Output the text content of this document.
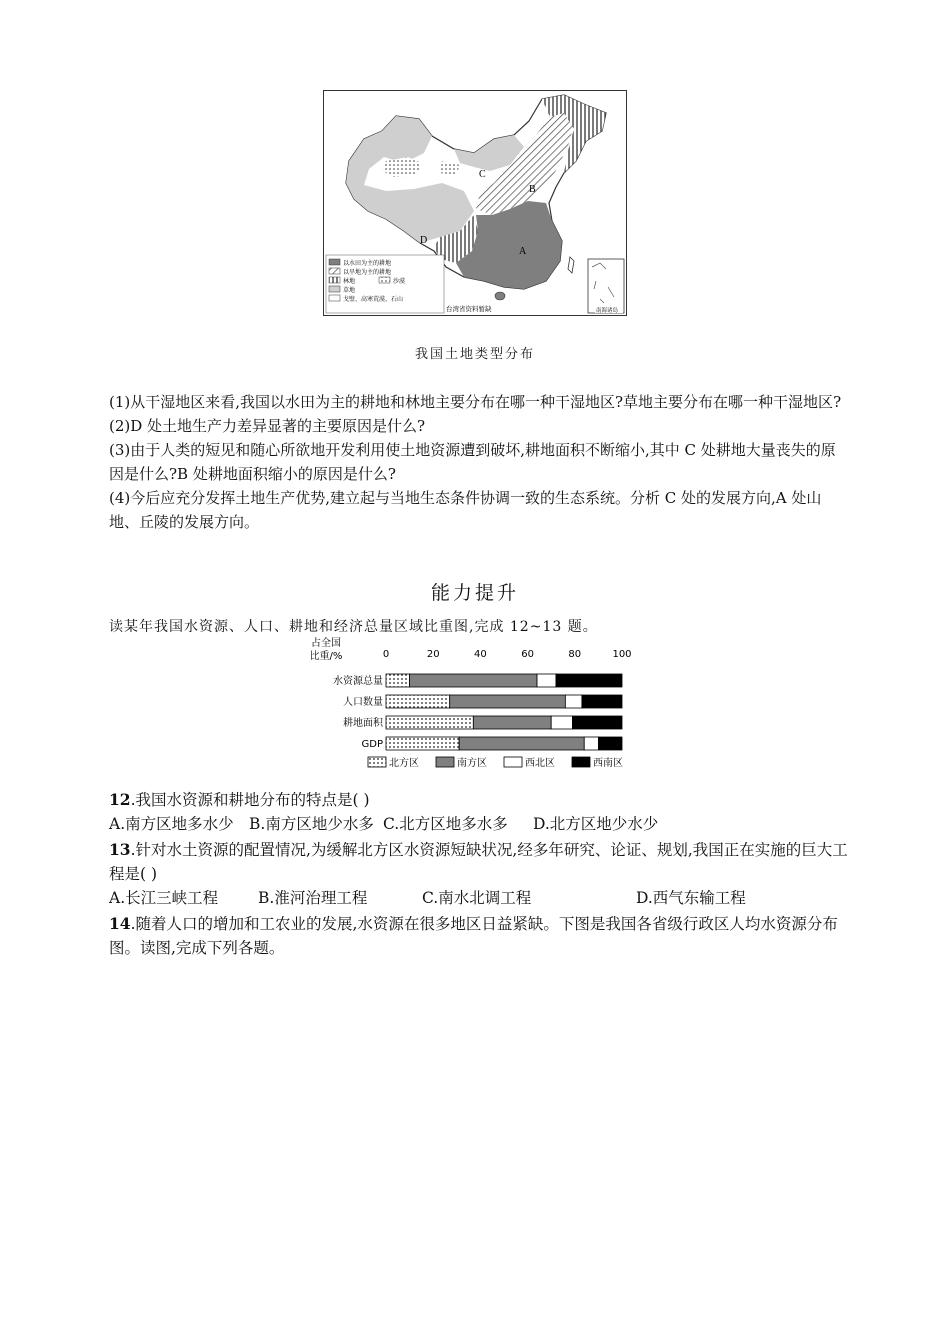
C
B
A
D
南海诸岛
以水田为主的耕地
以旱地为主的耕地
林地	沙漠
草地
戈壁、高寒荒漠、石山
台湾省资料暂缺
我国土地类型分布

(1)从干湿地区来看,我国以水田为主的耕地和林地主要分布在哪一种干湿地区?草地主要分布在哪一种干湿地区?

(2)D 处土地生产力差异显著的主要原因是什么?

(3)由于人类的短见和随心所欲地开发利用使土地资源遭到破坏,耕地面积不断缩小,其中 C 处耕地大量丧失的原因是什么?B 处耕地面积缩小的原因是什么?

(4)今后应充分发挥土地生产优势,建立起与当地生态条件协调一致的生态系统。分析 C 处的发展方向,A 处山地、丘陵的发展方向。

能力提升
读某年我国水资源、人口、耕地和经济总量区域比重图,完成 12~13 题。
占全国
比重/%	0	20	40	60	80	100
水资源总量
人口数量
耕地面积
GDP
北方区	南方区	西北区	西南区

12.我国水资源和耕地分布的特点是( )

A.南方区地多水少 B.南方区地少水多 C.北方区地多水多	D.北方区地少水少

13.针对水土资源的配置情况,为缓解北方区水资源短缺状况,经多年研究、论证、规划,我国正在实施的巨大工程是( )

A.长江三峡工程	B.淮河治理工程	C.南水北调工程	D.西气东输工程

14.随着人口的增加和工农业的发展,水资源在很多地区日益紧缺。下图是我国各省级行政区人均水资源分布图。读图,完成下列各题。
